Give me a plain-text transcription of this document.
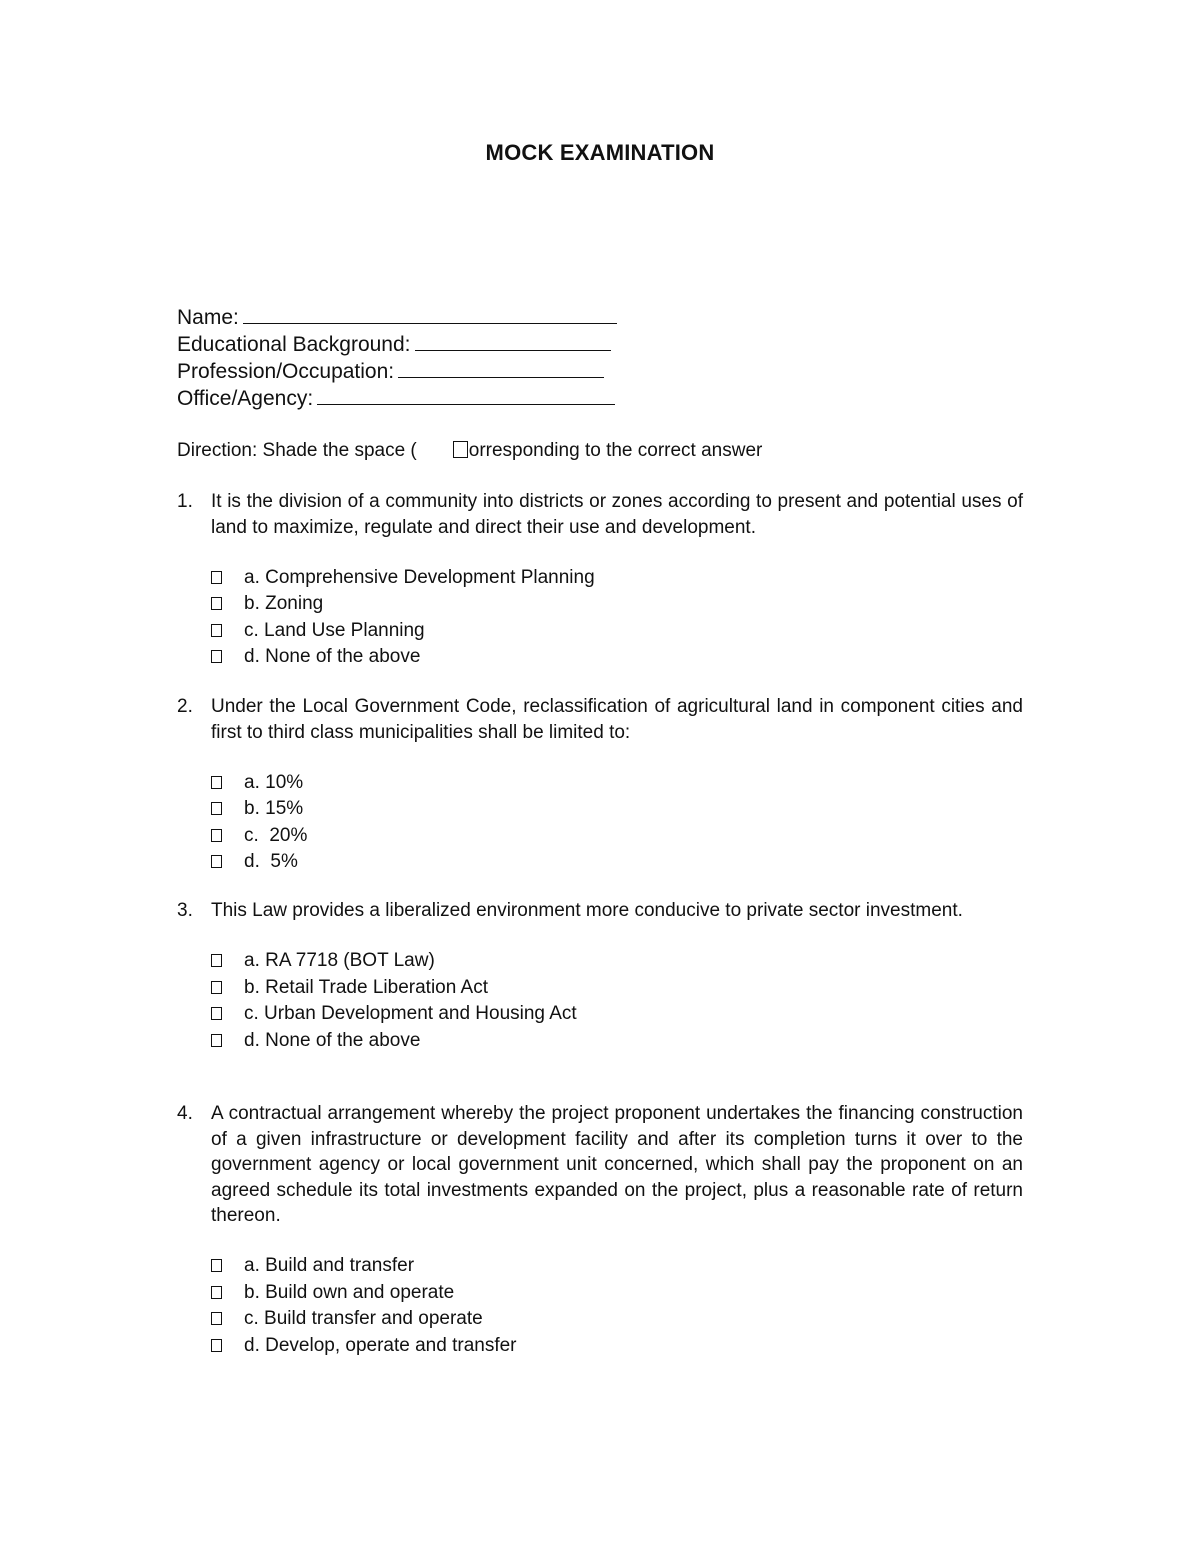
MOCK EXAMINATION
Name:
Educational Background:
Profession/Occupation:
Office/Agency:
Direction: Shade the space (	orresponding to the correct answer
1. It is the division of a community into districts or zones according to present and potential uses of land to maximize, regulate and direct their use and development.
a. Comprehensive Development Planning
b. Zoning
c. Land Use Planning
d. None of the above
2. Under the Local Government Code, reclassification of agricultural land in component cities and first to third class municipalities shall be limited to:
a. 10%
b. 15%
c.  20%
d.  5%
3. This Law provides a liberalized environment more conducive to private sector investment.
a. RA 7718 (BOT Law)
b. Retail Trade Liberation Act
c. Urban Development and Housing Act
d. None of the above
4. A contractual arrangement whereby the project proponent undertakes the financing construction of a given infrastructure or development facility and after its completion turns it over to the government agency or local government unit concerned, which shall pay the proponent on an agreed schedule its total investments expanded on the project, plus a reasonable rate of return thereon.
a. Build and transfer
b. Build own and operate
c. Build transfer and operate
d. Develop, operate and transfer
